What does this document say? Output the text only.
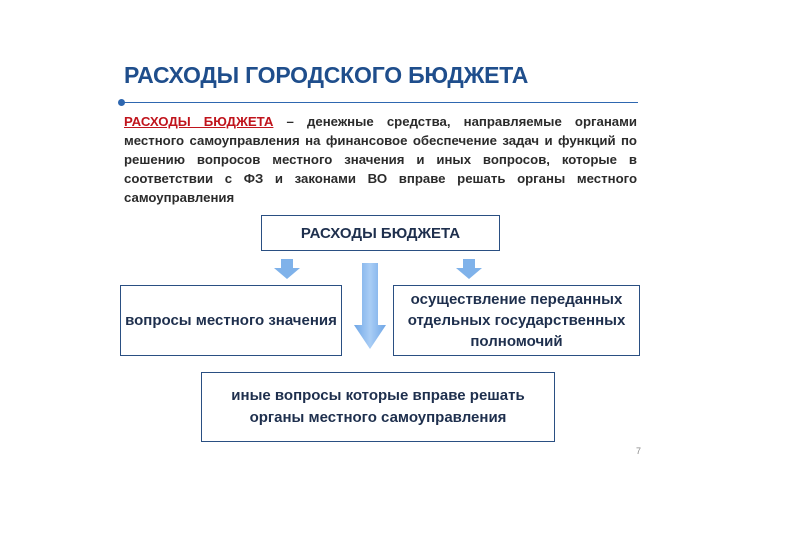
РАСХОДЫ ГОРОДСКОГО БЮДЖЕТА
РАСХОДЫ БЮДЖЕТА – денежные средства, направляемые органами местного самоуправления на финансовое обеспечение задач и функций по решению вопросов местного значения и иных вопросов, которые в соответствии с ФЗ и законами ВО вправе решать органы местного самоуправления
РАСХОДЫ БЮДЖЕТА
вопросы местного значения
осуществление переданных отдельных государственных полномочий
иные вопросы которые вправе решать органы местного самоуправления
7
